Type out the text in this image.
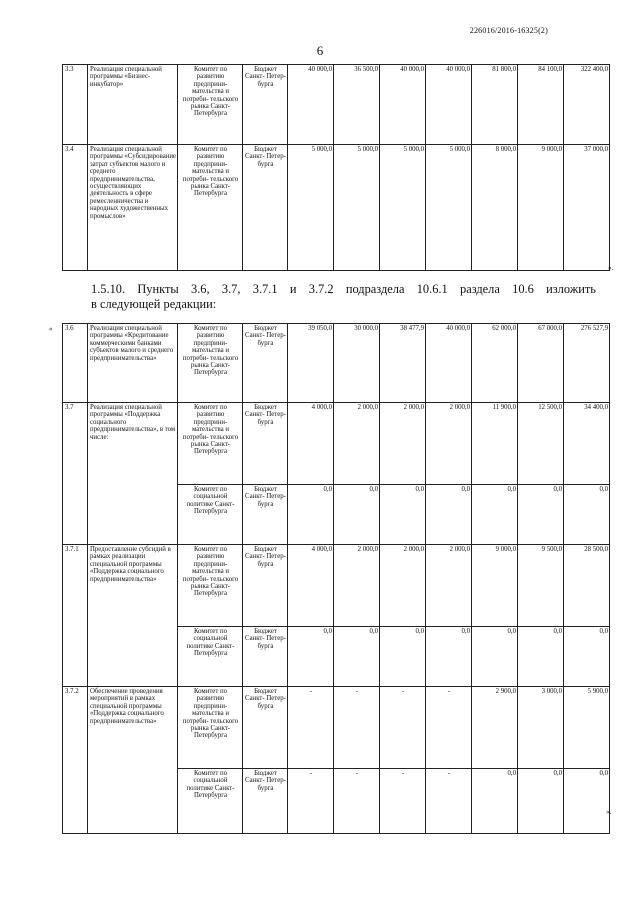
226016/2016-16325(2)
6
3.3	Реализация специальной программы «Бизнес-инкубатор»	Комитет по развитию предприни- мательства и потреби- тельского рынка Санкт- Петербурга	Бюджет Санкт- Петер- бурга	40 000,0	36 500,0	40 000,0	40 000,0	81 800,0	84 100,0	322 400,0
3.4	Реализация специальной программы «Субсидирование затрат субъектов малого и среднего предпринимательства, осуществляющих деятельность в сфере ремесленничества и народных художественных промыслов»	Комитет по развитию предприни- мательства и потреби- тельского рынка Санкт- Петербурга	Бюджет Санкт- Петер- бурга	5 000,0	5 000,0	5 000,0	5 000,0	8 000,0	9 000,0	37 000,0
».
1.5.10. Пункты 3.6, 3.7, 3.7.1 и 3.7.2 подраздела 10.6.1 раздела 10.6 изложить
в следующей редакции:
« 3.6	Реализация специальной программы «Кредитование коммерческими банками субъектов малого и среднего предпринимательства»	Комитет по развитию предприни- мательства и потреби- тельского рынка Санкт- Петербурга	Бюджет Санкт- Петер- бурга	39 050,0	30 000,0	38 477,9	40 000,0	62 000,0	67 000,0	276 527,9
3.7	Реализация специальной программы «Поддержка социального предпринимательства», в том числе:	Комитет по развитию предприни- мательства и потреби- тельского рынка Санкт- Петербурга	Бюджет Санкт- Петер- бурга	4 000,0	2 000,0	2 000,0	2 000,0	11 900,0	12 500,0	34 400,0
		Комитет по социальной политике Санкт- Петербурга	Бюджет Санкт- Петер- бурга	0,0	0,0	0,0	0,0	0,0	0,0	0,0
3.7.1	Предоставление субсидий в рамках реализации специальной программы «Поддержка социального предпринимательства»	Комитет по развитию предприни- мательства и потреби- тельского рынка Санкт- Петербурга	Бюджет Санкт- Петер- бурга	4 000,0	2 000,0	2 000,0	2 000,0	9 000,0	9 500,0	28 500,0
		Комитет по социальной политике Санкт- Петербурга	Бюджет Санкт- Петер- бурга	0,0	0,0	0,0	0,0	0,0	0,0	0,0
3.7.2	Обеспечение проведения мероприятий в рамках специальной программы «Поддержка социального предпринимательства»	Комитет по развитию предприни- мательства и потреби- тельского рынка Санкт- Петербурга	Бюджет Санкт- Петер- бурга	-	-	-	-	2 900,0	3 000,0	5 900,0
		Комитет по социальной политике Санкт- Петербурга	Бюджет Санкт- Петер- бурга	-	-	-	-	0,0	0,0	0,0
».
